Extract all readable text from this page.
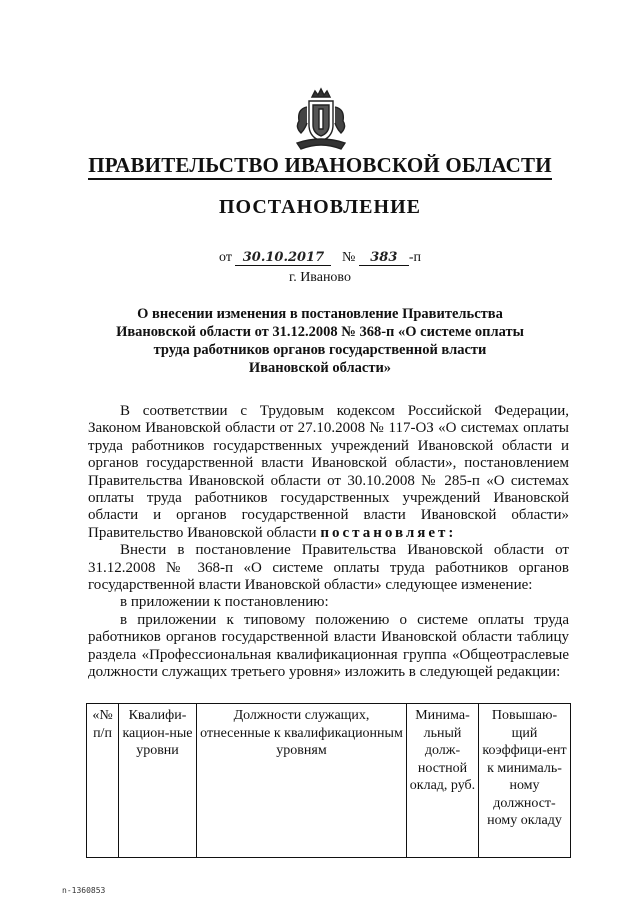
ПРАВИТЕЛЬСТВО ИВАНОВСКОЙ ОБЛАСТИ
ПОСТАНОВЛЕНИЕ
от 30.10.2017 № 383 -п
г. Иваново
О внесении изменения в постановление Правительства
Ивановской области от 31.12.2008 № 368-п «О системе оплаты
труда работников органов государственной власти
Ивановской области»

В соответствии с Трудовым кодексом Российской Федерации, Законом Ивановской области от 27.10.2008 № 117-ОЗ «О системах оплаты труда работников государственных учреждений Ивановской области и органов государственной власти Ивановской области», постановлением Правительства Ивановской области от 30.10.2008 № 285-п «О системах оплаты труда работников государственных учреждений Ивановской области и органов государственной власти Ивановской области» Правительство Ивановской области постановляет:

Внести в постановление Правительства Ивановской области от 31.12.2008 № 368-п «О системе оплаты труда работников органов государственной власти Ивановской области» следующее изменение:

в приложении к постановлению:

в приложении к типовому положению о системе оплаты труда работников органов государственной власти Ивановской области таблицу раздела «Профессиональная квалификационная группа «Общеотраслевые должности служащих третьего уровня» изложить в следующей редакции:

«№ п/п	Квалифи-кацион-ные уровни	Должности служащих, отнесенные к квалификационным уровням	Минима-льный долж-ностной оклад, руб.	Повышаю-щий коэффици-ент к минималь-ному должност-ному окладу
n-1360853
